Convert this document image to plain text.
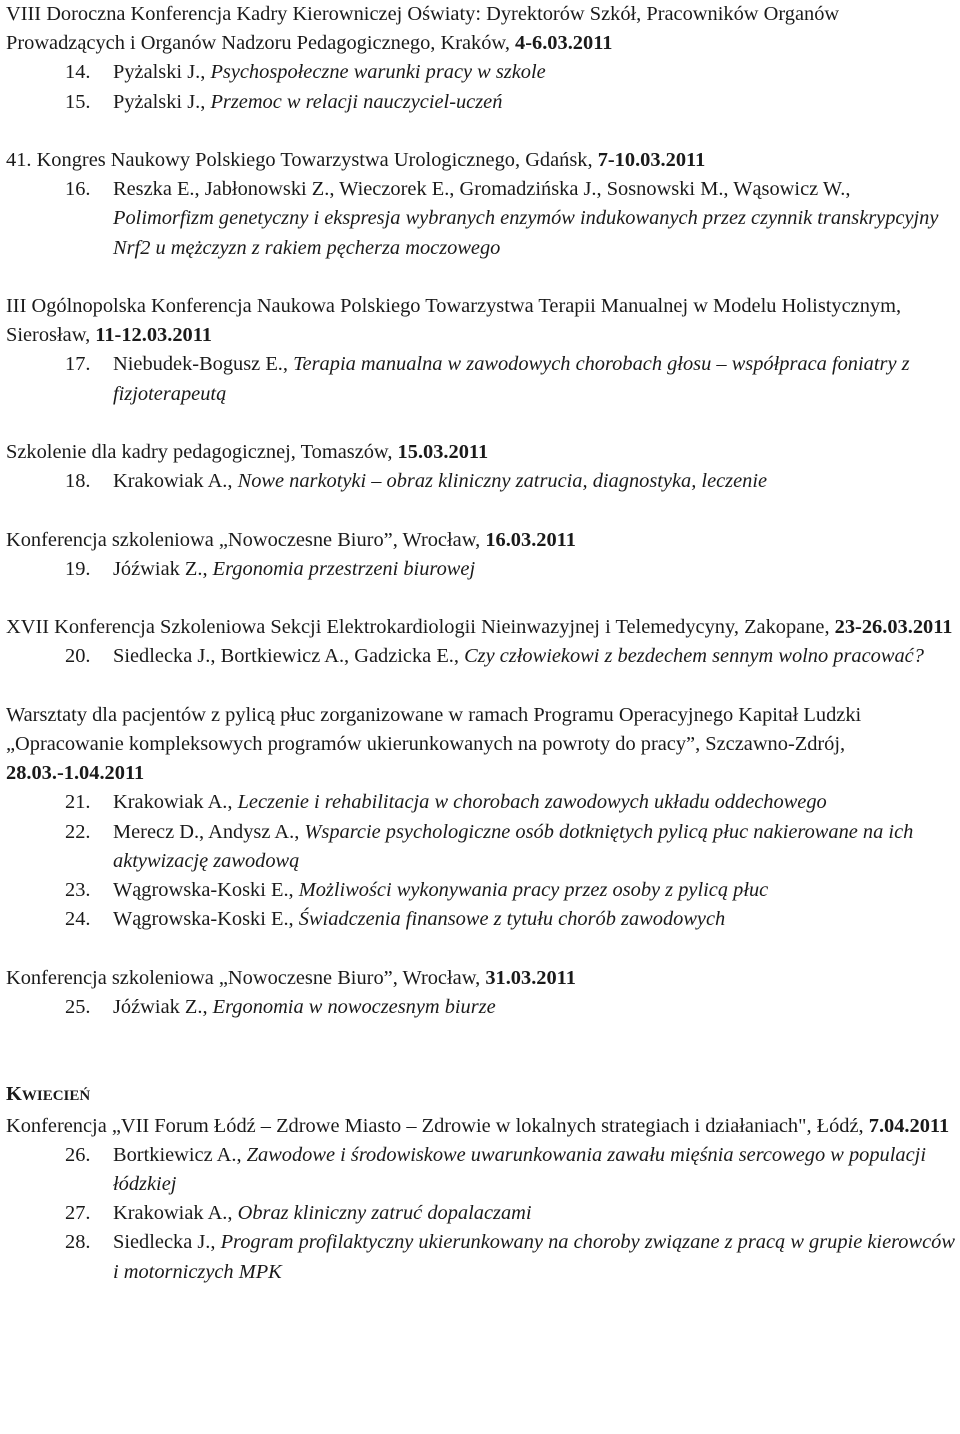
VIII Doroczna Konferencja Kadry Kierowniczej Oświaty: Dyrektorów Szkół, Pracowników Organów Prowadzących i Organów Nadzoru Pedagogicznego, Kraków, 4-6.03.2011
14. Pyżalski J., Psychospołeczne warunki pracy w szkole
15. Pyżalski J., Przemoc w relacji nauczyciel-uczeń
41. Kongres Naukowy Polskiego Towarzystwa Urologicznego, Gdańsk, 7-10.03.2011
16. Reszka E., Jabłonowski Z., Wieczorek E., Gromadzińska J., Sosnowski M., Wąsowicz W., Polimorfizm genetyczny i ekspresja wybranych enzymów indukowanych przez czynnik transkrypcyjny Nrf2 u mężczyzn z rakiem pęcherza moczowego
III Ogólnopolska Konferencja Naukowa Polskiego Towarzystwa Terapii Manualnej w Modelu Holistycznym, Sierosław, 11-12.03.2011
17. Niebudek-Bogusz E., Terapia manualna w zawodowych chorobach głosu – współpraca foniatry z fizjoterapeutą
Szkolenie dla kadry pedagogicznej, Tomaszów, 15.03.2011
18. Krakowiak A., Nowe narkotyki – obraz kliniczny zatrucia, diagnostyka, leczenie
Konferencja szkoleniowa „Nowoczesne Biuro”, Wrocław, 16.03.2011
19. Jóźwiak Z., Ergonomia przestrzeni biurowej
XVII Konferencja Szkoleniowa Sekcji Elektrokardiologii Nieinwazyjnej i Telemedycyny, Zakopane, 23-26.03.2011
20. Siedlecka J., Bortkiewicz A., Gadzicka E., Czy człowiekowi z bezdechem sennym wolno pracować?
Warsztaty dla pacjentów z pylicą płuc zorganizowane w ramach Programu Operacyjnego Kapitał Ludzki „Opracowanie kompleksowych programów ukierunkowanych na powroty do pracy”, Szczawno-Zdrój, 28.03.-1.04.2011
21. Krakowiak A., Leczenie i rehabilitacja w chorobach zawodowych układu oddechowego
22. Merecz D., Andysz A., Wsparcie psychologiczne osób dotkniętych pylicą płuc nakierowane na ich aktywizację zawodową
23. Wągrowska-Koski E., Możliwości wykonywania pracy przez osoby z pylicą płuc
24. Wągrowska-Koski E., Świadczenia finansowe z tytułu chorób zawodowych
Konferencja szkoleniowa „Nowoczesne Biuro”, Wrocław, 31.03.2011
25. Jóźwiak Z., Ergonomia w nowoczesnym biurze
KWIECIEŃ
Konferencja „VII Forum Łódź – Zdrowe Miasto – Zdrowie w lokalnych strategiach i działaniach", Łódź, 7.04.2011
26. Bortkiewicz A., Zawodowe i środowiskowe uwarunkowania zawału mięśnia sercowego w populacji łódzkiej
27. Krakowiak A., Obraz kliniczny zatruć dopalaczami
28. Siedlecka J., Program profilaktyczny ukierunkowany na choroby związane z pracą w grupie kierowców i motorniczych MPK
